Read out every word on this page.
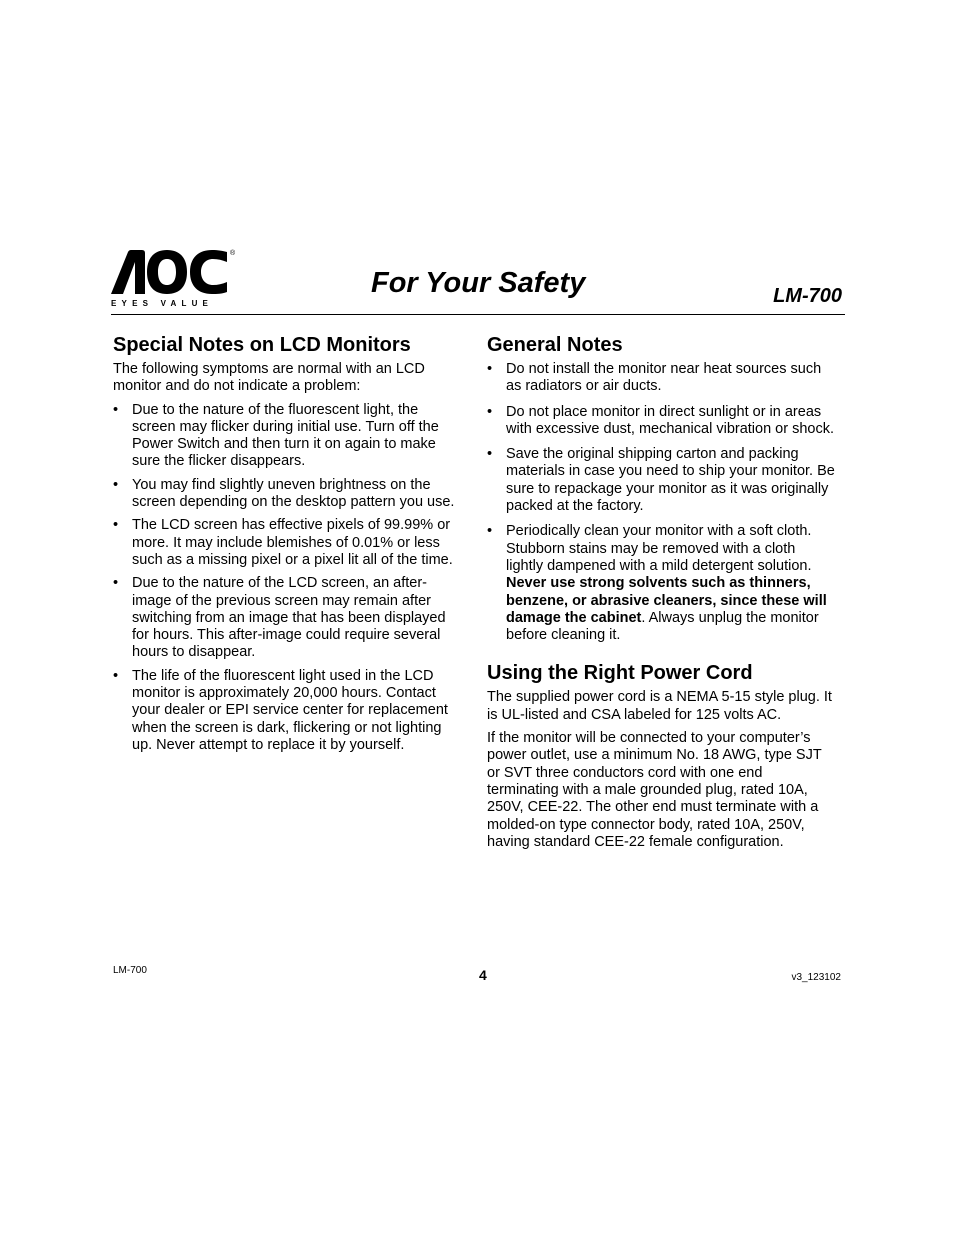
®
EYES VALUE
For Your Safety	LM-700
Special Notes on LCD Monitors

The following symptoms are normal with an LCD monitor and do not indicate a problem:

• Due to the nature of the fluorescent light, the screen may flicker during initial use. Turn off the Power Switch and then turn it on again to make sure the flicker disappears.
• You may find slightly uneven brightness on the screen depending on the desktop pattern you use.
• The LCD screen has effective pixels of 99.99% or more. It may include blemishes of 0.01% or less such as a missing pixel or a pixel lit all of the time.
• Due to the nature of the LCD screen, an after-image of the previous screen may remain after switching from an image that has been displayed for hours. This after-image could require several hours to disappear.
• The life of the fluorescent light used in the LCD monitor is approximately 20,000 hours. Contact your dealer or EPI service center for replacement when the screen is dark, flickering or not lighting up. Never attempt to replace it by yourself.
General Notes
• Do not install the monitor near heat sources such as radiators or air ducts.
• Do not place monitor in direct sunlight or in areas with excessive dust, mechanical vibration or shock.
• Save the original shipping carton and packing materials in case you need to ship your monitor. Be sure to repackage your monitor as it was originally packed at the factory.
• Periodically clean your monitor with a soft cloth. Stubborn stains may be removed with a cloth lightly dampened with a mild detergent solution. Never use strong solvents such as thinners, benzene, or abrasive cleaners, since these will damage the cabinet. Always unplug the monitor before cleaning it.
Using the Right Power Cord

The supplied power cord is a NEMA 5-15 style plug. It is UL-listed and CSA labeled for 125 volts AC.

If the monitor will be connected to your computer’s power outlet, use a minimum No. 18 AWG, type SJT or SVT three conductors cord with one end terminating with a male grounded plug, rated 10A, 250V, CEE-22. The other end must terminate with a molded-on type connector body, rated 10A, 250V, having standard CEE-22 female configuration.

LM-700	4	v3_123102
